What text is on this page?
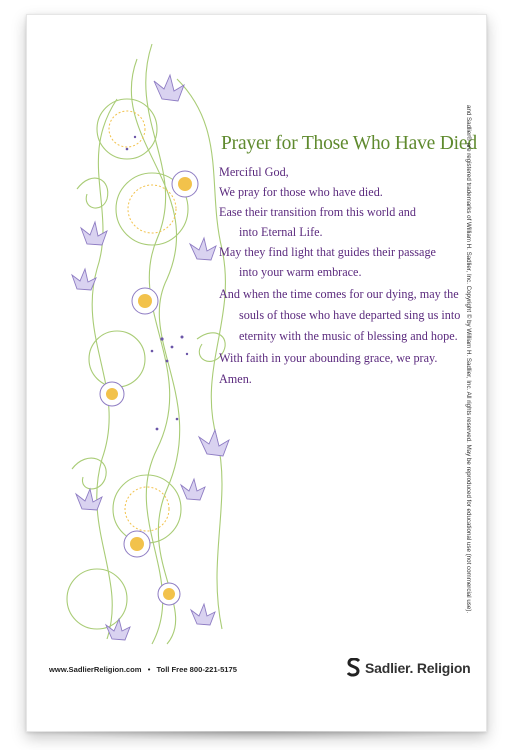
Prayer for Those Who Have Died
Merciful God,
We pray for those who have died.
Ease their transition from this world and
into Eternal Life.
May they find light that guides their passage
into your warm embrace.
And when the time comes for our dying, may the
souls of those who have departed sing us into
eternity with the music of blessing and hope.
With faith in your abounding grace, we pray.
Amen.	and Sadlier® are registered trademarks of William H. Sadlier, Inc. Copyright © by William H. Sadlier, Inc. All rights reserved. May be reproduced for educational use (not commercial use).
www.SadlierReligion.com • Toll Free 800-221-5175	Sadlier. Religion
